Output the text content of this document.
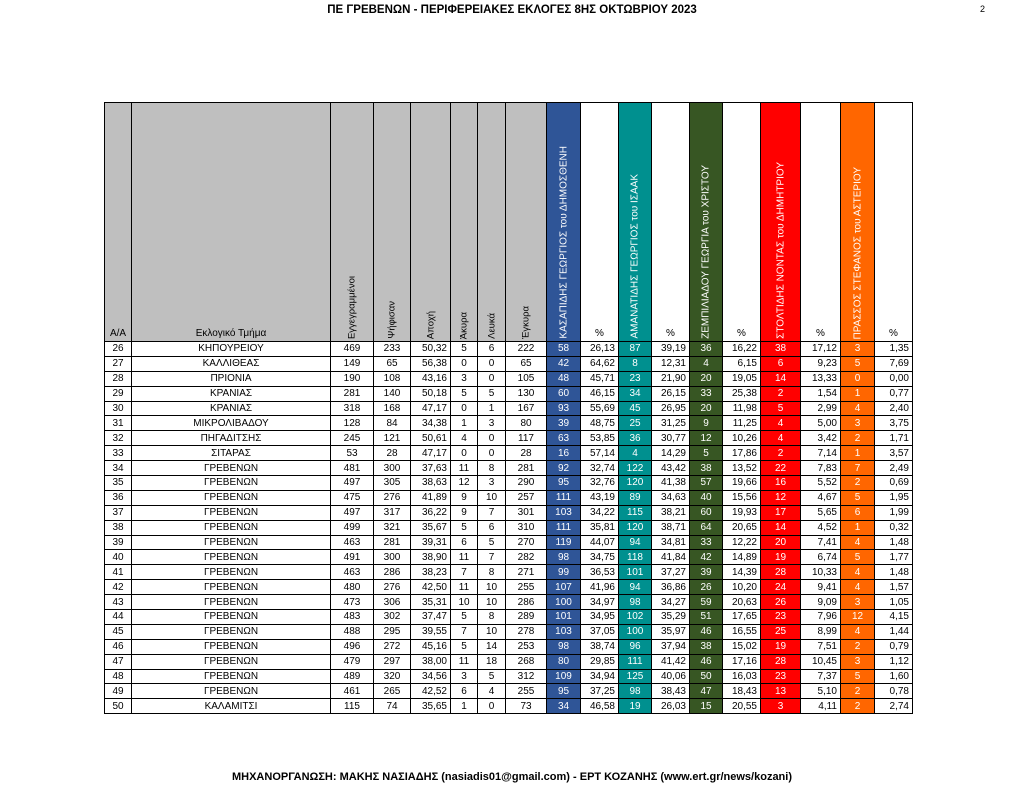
ΠΕ ΓΡΕΒΕΝΩΝ - ΠΕΡΙΦΕΡΕΙΑΚΕΣ ΕΚΛΟΓΕΣ 8ΗΣ ΟΚΤΩΒΡΙΟΥ 2023	2
Α/Α	Εκλογικό Τμήμα	Εγγεγραμμένοι	Ψήφισαν	Αποχή	Άκυρα	Λευκά	Έγκυρα	ΚΑΣΑΠΙΔΗΣ ΓΕΩΡΓΙΟΣ του ΔΗΜΟΣΘΕΝΗ	%	ΑΜΑΝΑΤΙΔΗΣ ΓΕΩΡΓΙΟΣ του ΙΣΑΑΚ	%	ΖΕΜΠΙΛΙΑΔΟΥ ΓΕΩΡΓΙΑ του ΧΡΙΣΤΟΥ	%	ΣΤΟΛΤΙΔΗΣ ΝΟΝΤΑΣ του ΔΗΜΗΤΡΙΟΥ	%	ΠΡΑΣΣΟΣ ΣΤΕΦΑΝΟΣ του ΑΣΤΕΡΙΟΥ	%

26	ΚΗΠΟΥΡΕΙΟΥ	469	233	50,32	5	6	222	58	26,13	87	39,19	36	16,22	38	17,12	3	1,35
27	ΚΑΛΛΙΘΕΑΣ	149	65	56,38	0	0	65	42	64,62	8	12,31	4	6,15	6	9,23	5	7,69
28	ΠΡΙΟΝΙΑ	190	108	43,16	3	0	105	48	45,71	23	21,90	20	19,05	14	13,33	0	0,00
29	ΚΡΑΝΙΑΣ	281	140	50,18	5	5	130	60	46,15	34	26,15	33	25,38	2	1,54	1	0,77
30	ΚΡΑΝΙΑΣ	318	168	47,17	0	1	167	93	55,69	45	26,95	20	11,98	5	2,99	4	2,40
31	ΜΙΚΡΟΛΙΒΑΔΟΥ	128	84	34,38	1	3	80	39	48,75	25	31,25	9	11,25	4	5,00	3	3,75
32	ΠΗΓΑΔΙΤΣΗΣ	245	121	50,61	4	0	117	63	53,85	36	30,77	12	10,26	4	3,42	2	1,71
33	ΣΙΤΑΡΑΣ	53	28	47,17	0	0	28	16	57,14	4	14,29	5	17,86	2	7,14	1	3,57
34	ΓΡΕΒΕΝΩΝ	481	300	37,63	11	8	281	92	32,74	122	43,42	38	13,52	22	7,83	7	2,49
35	ΓΡΕΒΕΝΩΝ	497	305	38,63	12	3	290	95	32,76	120	41,38	57	19,66	16	5,52	2	0,69
36	ΓΡΕΒΕΝΩΝ	475	276	41,89	9	10	257	111	43,19	89	34,63	40	15,56	12	4,67	5	1,95
37	ΓΡΕΒΕΝΩΝ	497	317	36,22	9	7	301	103	34,22	115	38,21	60	19,93	17	5,65	6	1,99
38	ΓΡΕΒΕΝΩΝ	499	321	35,67	5	6	310	111	35,81	120	38,71	64	20,65	14	4,52	1	0,32
39	ΓΡΕΒΕΝΩΝ	463	281	39,31	6	5	270	119	44,07	94	34,81	33	12,22	20	7,41	4	1,48
40	ΓΡΕΒΕΝΩΝ	491	300	38,90	11	7	282	98	34,75	118	41,84	42	14,89	19	6,74	5	1,77
41	ΓΡΕΒΕΝΩΝ	463	286	38,23	7	8	271	99	36,53	101	37,27	39	14,39	28	10,33	4	1,48
42	ΓΡΕΒΕΝΩΝ	480	276	42,50	11	10	255	107	41,96	94	36,86	26	10,20	24	9,41	4	1,57
43	ΓΡΕΒΕΝΩΝ	473	306	35,31	10	10	286	100	34,97	98	34,27	59	20,63	26	9,09	3	1,05
44	ΓΡΕΒΕΝΩΝ	483	302	37,47	5	8	289	101	34,95	102	35,29	51	17,65	23	7,96	12	4,15
45	ΓΡΕΒΕΝΩΝ	488	295	39,55	7	10	278	103	37,05	100	35,97	46	16,55	25	8,99	4	1,44
46	ΓΡΕΒΕΝΩΝ	496	272	45,16	5	14	253	98	38,74	96	37,94	38	15,02	19	7,51	2	0,79
47	ΓΡΕΒΕΝΩΝ	479	297	38,00	11	18	268	80	29,85	111	41,42	46	17,16	28	10,45	3	1,12
48	ΓΡΕΒΕΝΩΝ	489	320	34,56	3	5	312	109	34,94	125	40,06	50	16,03	23	7,37	5	1,60
49	ΓΡΕΒΕΝΩΝ	461	265	42,52	6	4	255	95	37,25	98	38,43	47	18,43	13	5,10	2	0,78
50	ΚΑΛΑΜΙΤΣΙ	115	74	35,65	1	0	73	34	46,58	19	26,03	15	20,55	3	4,11	2	2,74
ΜΗΧΑΝΟΡΓΑΝΩΣΗ: ΜΑΚΗΣ ΝΑΣΙΑΔΗΣ (nasiadis01@gmail.com) - ΕΡΤ ΚΟΖΑΝΗΣ (www.ert.gr/news/kozani)
